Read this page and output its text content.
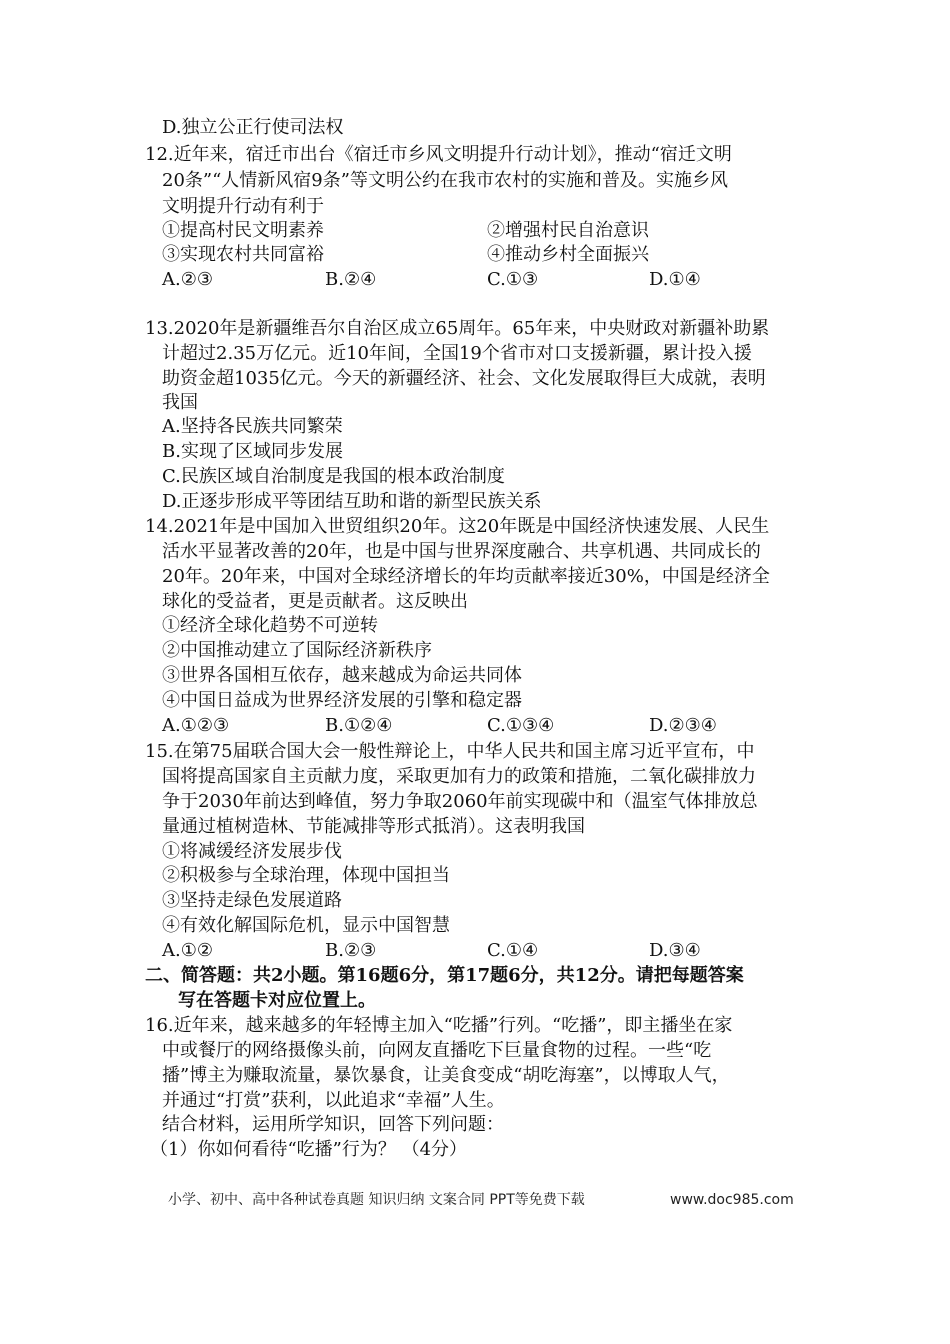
D.独立公正行使司法权
12.近年来，宿迁市出台《宿迁市乡风文明提升行动计划》，推动“宿迁文明
20条”“人情新风宿9条”等文明公约在我市农村的实施和普及。实施乡风
文明提升行动有利于
①提高村民文明素养	②增强村民自治意识
③实现农村共同富裕	④推动乡村全面振兴
A.②③	B.②④	C.①③	D.①④
13.2020年是新疆维吾尔自治区成立65周年。65年来，中央财政对新疆补助累
计超过2.35万亿元。近10年间，全国19个省市对口支援新疆，累计投入援
助资金超1035亿元。今天的新疆经济、社会、文化发展取得巨大成就，表明
我国
A.坚持各民族共同繁荣
B.实现了区域同步发展
C.民族区域自治制度是我国的根本政治制度
D.正逐步形成平等团结互助和谐的新型民族关系
14.2021年是中国加入世贸组织20年。这20年既是中国经济快速发展、人民生
活水平显著改善的20年，也是中国与世界深度融合、共享机遇、共同成长的
20年。20年来，中国对全球经济增长的年均贡献率接近30%，中国是经济全
球化的受益者，更是贡献者。这反映出
①经济全球化趋势不可逆转
②中国推动建立了国际经济新秩序
③世界各国相互依存，越来越成为命运共同体
④中国日益成为世界经济发展的引擎和稳定器
A.①②③	B.①②④	C.①③④	D.②③④
15.在第75届联合国大会一般性辩论上，中华人民共和国主席习近平宣布，中
国将提高国家自主贡献力度，采取更加有力的政策和措施，二氧化碳排放力
争于2030年前达到峰值，努力争取2060年前实现碳中和（温室气体排放总
量通过植树造林、节能减排等形式抵消）。这表明我国
①将减缓经济发展步伐
②积极参与全球治理，体现中国担当
③坚持走绿色发展道路
④有效化解国际危机，显示中国智慧
A.①②	B.②③	C.①④	D.③④
二、简答题：共2小题。第16题6分，第17题6分，共12分。请把每题答案
写在答题卡对应位置上。
16.近年来，越来越多的年轻博主加入“吃播”行列。“吃播”，即主播坐在家
中或餐厅的网络摄像头前，向网友直播吃下巨量食物的过程。一些“吃
播”博主为赚取流量，暴饮暴食，让美食变成“胡吃海塞”，以博取人气，
并通过“打赏”获利，以此追求“幸福”人生。
结合材料，运用所学知识，回答下列问题：
（1）你如何看待“吃播”行为？ （4分）
小学、初中、高中各种试卷真题 知识归纳 文案合同 PPT等免费下载	www.doc985.com
